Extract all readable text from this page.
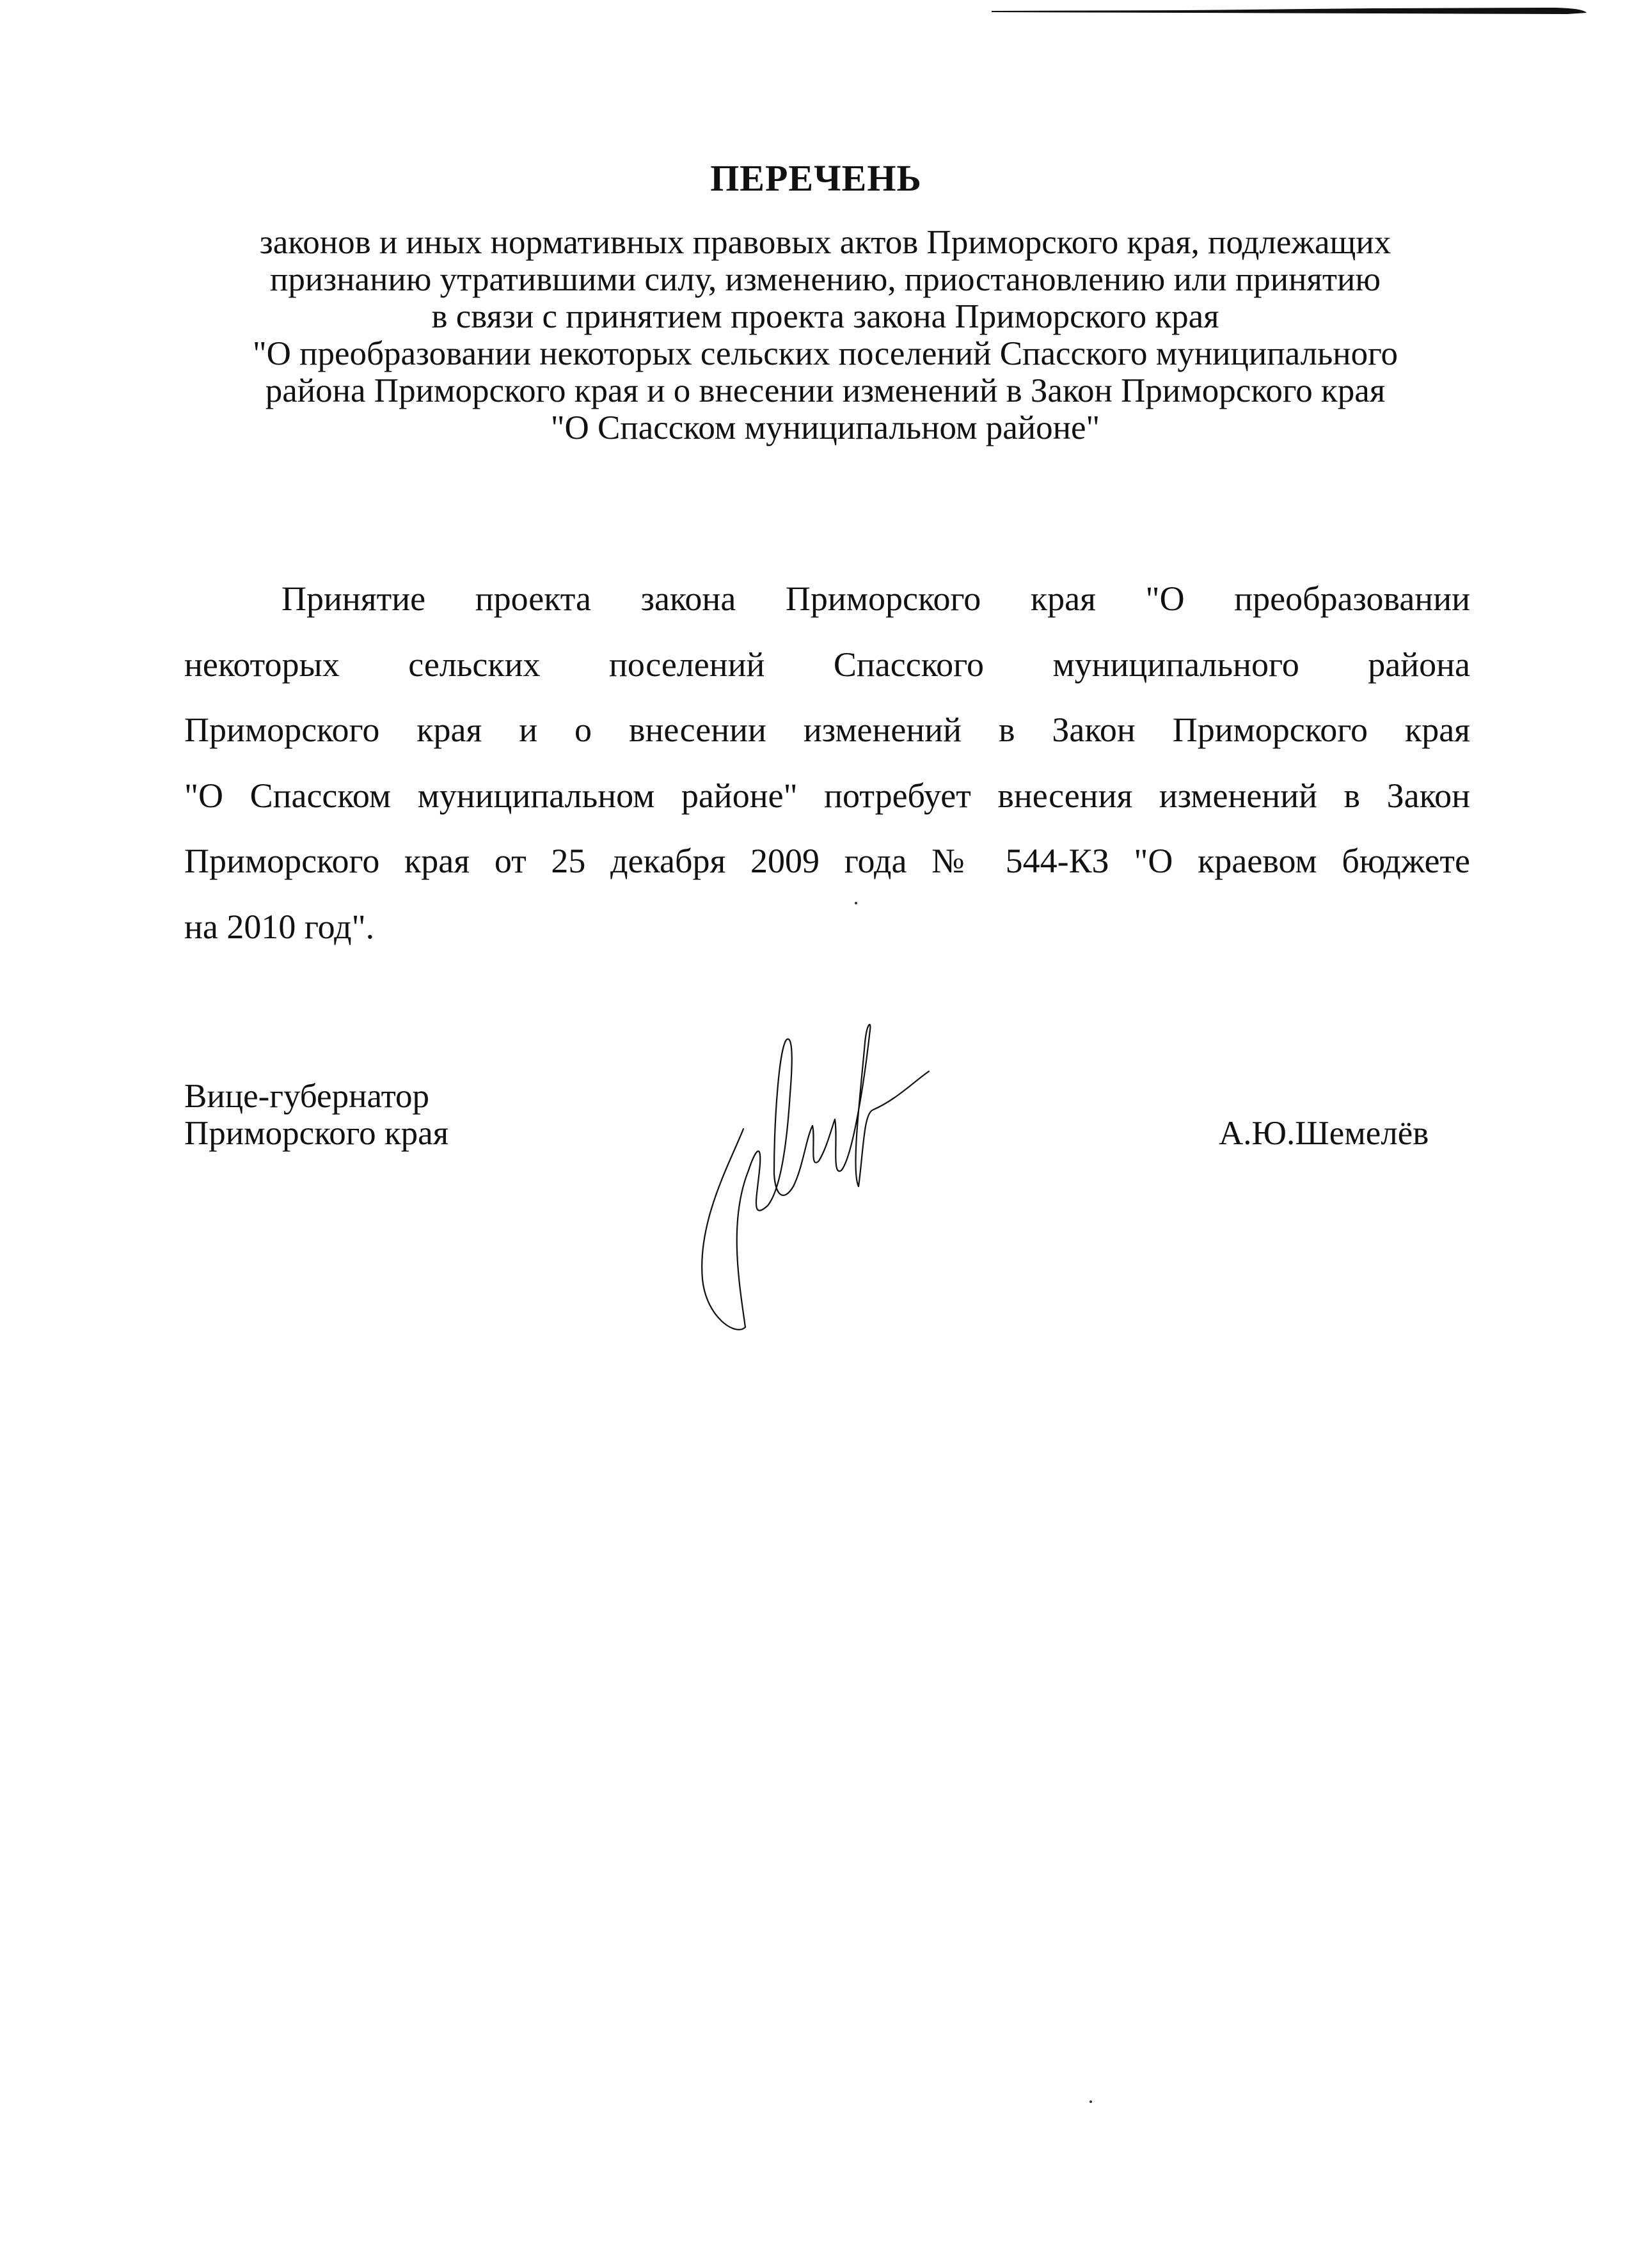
ПЕРЕЧЕНЬ
законов и иных нормативных правовых актов Приморского края, подлежащих
признанию утратившими силу, изменению, приостановлению или принятию
в связи с принятием проекта закона Приморского края
"О преобразовании некоторых сельских поселений Спасского муниципального
района Приморского края и о внесении изменений в Закон Приморского края
"О Спасском муниципальном районе"
Принятие проекта закона Приморского края "О преобразовании
некоторых сельских поселений Спасского муниципального района
Приморского края и о внесении изменений в Закон Приморского края
"О Спасском муниципальном районе" потребует внесения изменений в Закон
Приморского края от 25 декабря 2009 года № 544-КЗ "О краевом бюджете
на 2010 год".
Вице-губернатор
Приморского края	А.Ю.Шемелёв
